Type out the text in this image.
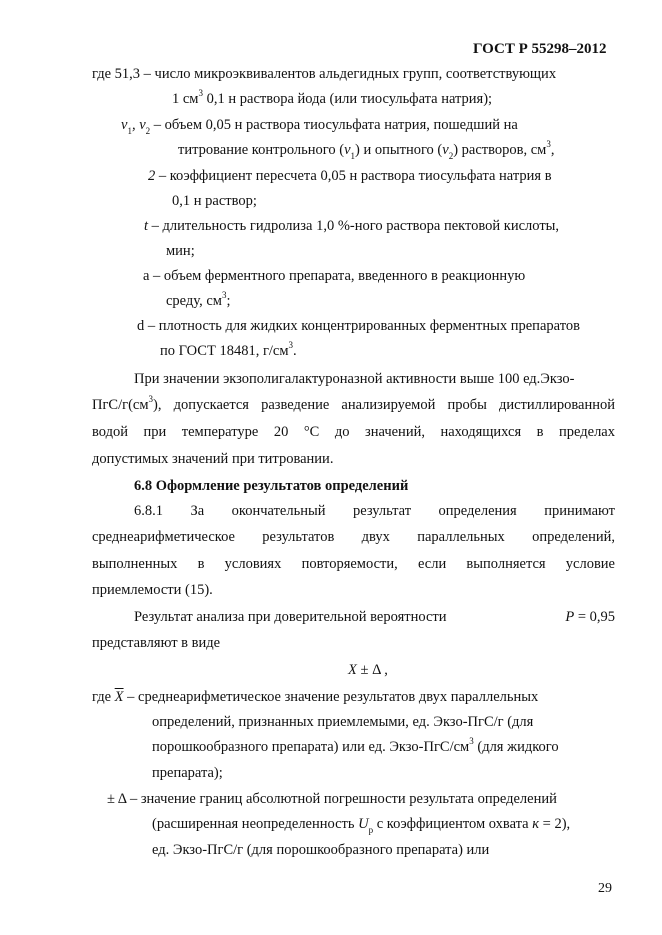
ГОСТ Р 55298–2012
где 51,3 – число микроэквивалентов альдегидных групп, соответствующих
1 $см^3$ 0,1 н раствора йода (или тиосульфата натрия);
$v_1$, $v_2$ – объем 0,05 н раствора тиосульфата натрия, пошедший на
титрование контрольного $(v_1)$ и опытного $(v_2)$ растворов, $см^3$,
2 – коэффициент пересчета 0,05 н раствора тиосульфата натрия в
0,1 н раствор;
t – длительность гидролиза 1,0 %-ного раствора пектовой кислоты,
мин;
a – объем ферментного препарата, введенного в реакционную
среду, $см^3$;
d – плотность для жидких концентрированных ферментных препаратов
по ГОСТ 18481, $г/см^3$.
При значении экзополигалактуроназной активности выше 100 ед.Экзо-
ПгС/$г(см^3)$, допускается разведение анализируемой пробы дистиллированной
водой при температуре 20 °С до значений, находящихся в пределах
допустимых значений при титровании.
6.8 Оформление результатов определений
6.8.1 За окончательный результат определения принимают
среднеарифметическое результатов двух параллельных определений,
выполненных в условиях повторяемости, если выполняется условие
приемлемости (15).
Результат анализа при доверительной вероятности	P = 0,95
представляют в виде
X ± Δ ,
где $\overline{X}$ – среднеарифметическое значение результатов двух параллельных
определений, признанных приемлемыми, ед. Экзо-ПгС/г (для
порошкообразного препарата) или ед. Экзо-$ПгС/см^3$ (для жидкого
препарата);
± Δ – значение границ абсолютной погрешности результата определений
(расширенная неопределенность $U_p$ с коэффициентом охвата к = 2),
ед. Экзо-ПгС/г (для порошкообразного препарата) или
29
